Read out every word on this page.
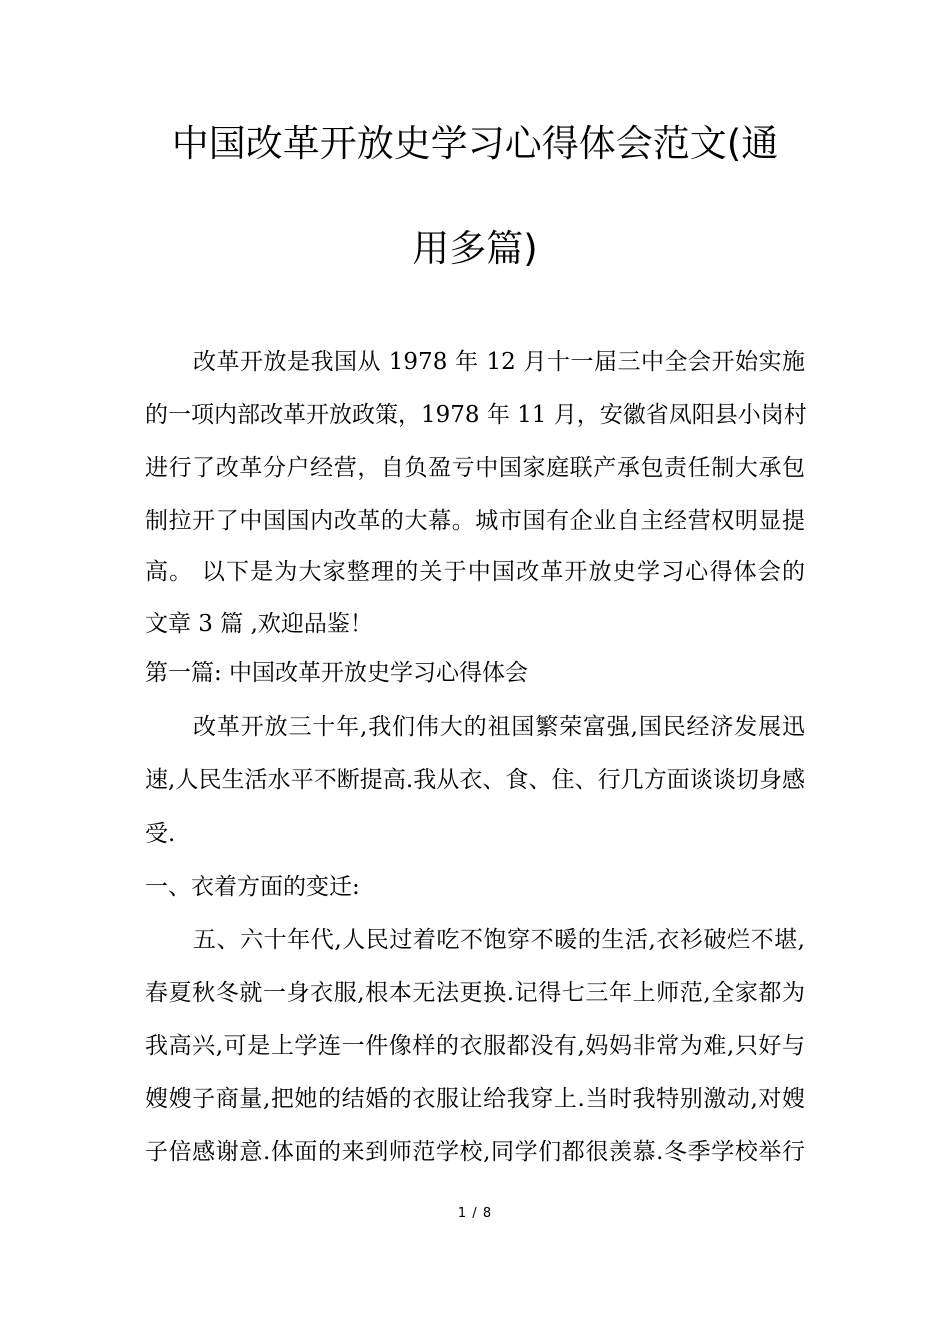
中国改革开放史学习心得体会范文(通
用多篇)
改革开放是我国从 1978 年 12 月十一届三中全会开始实施
的一项内部改革开放政策，1978 年 11 月，安徽省凤阳县小岗村
进行了改革分户经营，自负盈亏中国家庭联产承包责任制大承包
制拉开了中国国内改革的大幕。城市国有企业自主经营权明显提
高。 以下是为大家整理的关于中国改革开放史学习心得体会的
文章 3 篇 ,欢迎品鉴！
第一篇: 中国改革开放史学习心得体会
改革开放三十年,我们伟大的祖国繁荣富强,国民经济发展迅
速,人民生活水平不断提高.我从衣、食、住、行几方面谈谈切身感
受.
一、衣着方面的变迁:
五、六十年代,人民过着吃不饱穿不暖的生活,衣衫破烂不堪,
春夏秋冬就一身衣服,根本无法更换.记得七三年上师范,全家都为
我高兴,可是上学连一件像样的衣服都没有,妈妈非常为难,只好与
嫂嫂子商量,把她的结婚的衣服让给我穿上.当时我特别激动,对嫂
子倍感谢意.体面的来到师范学校,同学们都很羡慕.冬季学校举行
1 / 8
